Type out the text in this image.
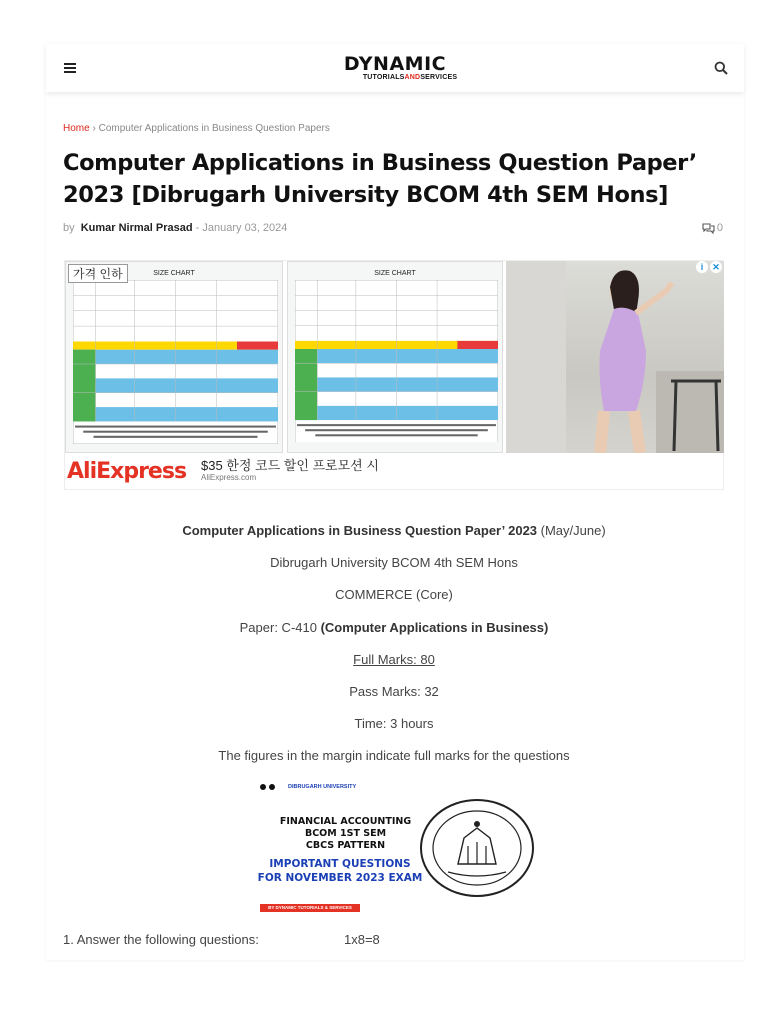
DYNAMIC
TUTORIALSANDSERVICES
Home › Computer Applications in Business Question Papers
Computer Applications in Business Question Paper’ 2023 [Dibrugarh University BCOM 4th SEM Hons]
by Kumar Nirmal Prasad - January 03, 2024	0
SIZE CHART
가격 인하	SIZE CHART
i ✕
AliExpress $35 한정 코드 할인 프로모션 시
AliExpress.com

Computer Applications in Business Question Paper’ 2023 (May/June)

Dibrugarh University BCOM 4th SEM Hons

COMMERCE (Core)

Paper: C-410 (Computer Applications in Business)

Full Marks: 80

Pass Marks: 32

Time: 3 hours

The figures in the margin indicate full marks for the questions

DIBRUGARH UNIVERSITY
FINANCIAL ACCOUNTING
BCOM 1ST SEM
CBCS PATTERN
IMPORTANT QUESTIONS
FOR NOVEMBER 2023 EXAM
BY DYNAMIC TUTORIALS & SERVICES
1. Answer the following questions:	1x8=8
